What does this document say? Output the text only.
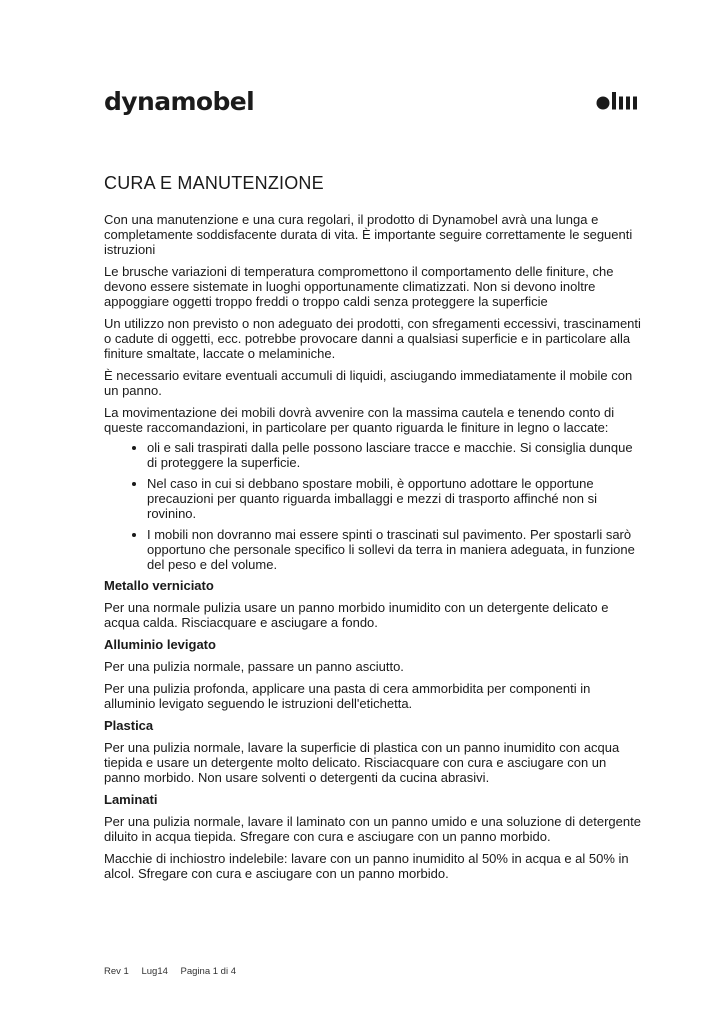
dynamobel
CURA E MANUTENZIONE

Con una manutenzione e una cura regolari, il prodotto di Dynamobel avrà una lunga e completamente soddisfacente durata di vita. È importante seguire correttamente le seguenti istruzioni

Le brusche variazioni di temperatura compromettono il comportamento delle finiture, che devono essere sistemate in luoghi opportunamente climatizzati. Non si devono inoltre appoggiare oggetti troppo freddi o troppo caldi senza proteggere la superficie

Un utilizzo non previsto o non adeguato dei prodotti, con sfregamenti eccessivi, trascinamenti o cadute di oggetti, ecc. potrebbe provocare danni a qualsiasi superficie e in particolare alla finiture smaltate, laccate o melaminiche.

È necessario evitare eventuali accumuli di liquidi, asciugando immediatamente il mobile con un panno.

La movimentazione dei mobili dovrà avvenire con la massima cautela e tenendo conto di queste raccomandazioni, in particolare per quanto riguarda le finiture in legno o laccate:

• oli e sali traspirati dalla pelle possono lasciare tracce e macchie. Si consiglia dunque di proteggere la superficie.
• Nel caso in cui si debbano spostare mobili, è opportuno adottare le opportune precauzioni per quanto riguarda imballaggi e mezzi di trasporto affinché non si rovinino.
• I mobili non dovranno mai essere spinti o trascinati sul pavimento. Per spostarli sarò opportuno che personale specifico li sollevi da terra in maniera adeguata, in funzione del peso e del volume.
Metallo verniciato

Per una normale pulizia usare un panno morbido inumidito con un detergente delicato e acqua calda. Risciacquare e asciugare a fondo.

Alluminio levigato

Per una pulizia normale, passare un panno asciutto.

Per una pulizia profonda, applicare una pasta di cera ammorbidita per componenti in alluminio levigato seguendo le istruzioni dell'etichetta.

Plastica

Per una pulizia normale, lavare la superficie di plastica con un panno inumidito con acqua tiepida e usare un detergente molto delicato. Risciacquare con cura e asciugare con un panno morbido. Non usare solventi o detergenti da cucina abrasivi.

Laminati

Per una pulizia normale, lavare il laminato con un panno umido e una soluzione di detergente diluito in acqua tiepida. Sfregare con cura e asciugare con un panno morbido.

Macchie di inchiostro indelebile: lavare con un panno inumidito al 50% in acqua e al 50% in alcol. Sfregare con cura e asciugare con un panno morbido.

Rev 1 Lug14 Pagina 1 di 4
